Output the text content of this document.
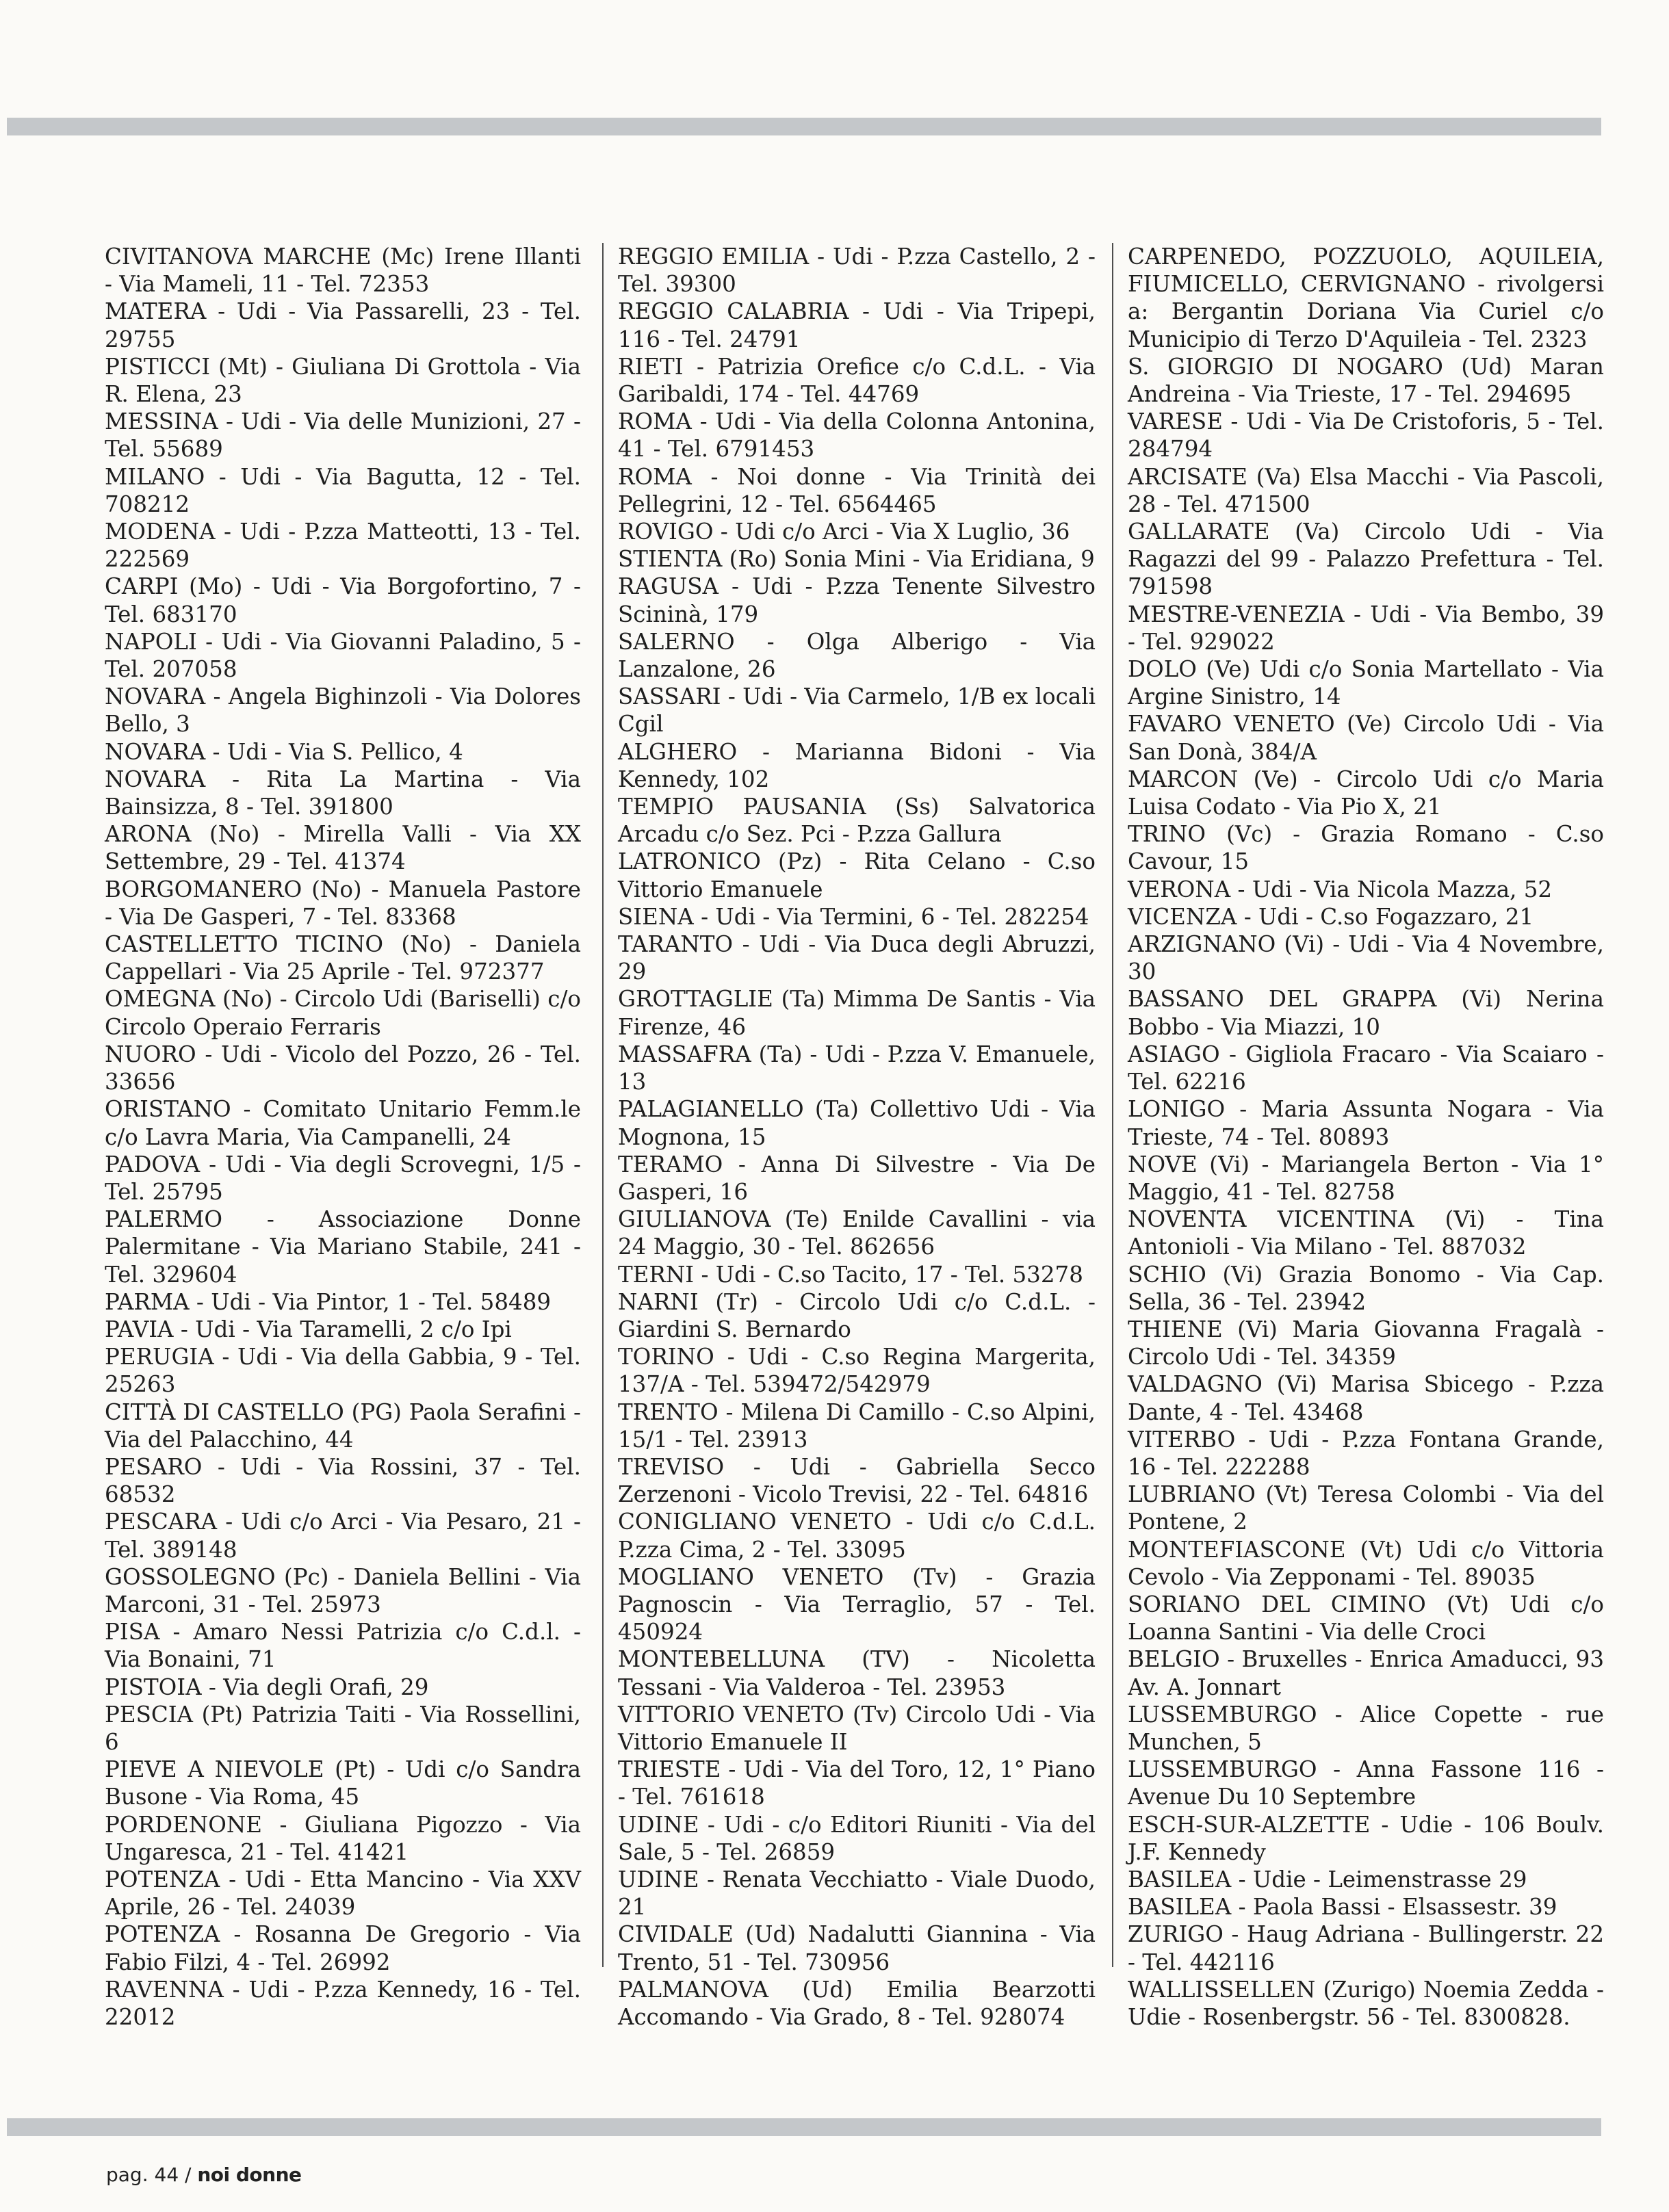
CIVITANOVA MARCHE (Mc) Irene Illanti - Via Mameli, 11 - Tel. 72353

MATERA - Udi - Via Passarelli, 23 - Tel. 29755

PISTICCI (Mt) - Giuliana Di Grottola - Via R. Elena, 23

MESSINA - Udi - Via delle Munizioni, 27 - Tel. 55689

MILANO - Udi - Via Bagutta, 12 - Tel. 708212

MODENA - Udi - P.zza Matteotti, 13 - Tel. 222569

CARPI (Mo) - Udi - Via Borgofortino, 7 - Tel. 683170

NAPOLI - Udi - Via Giovanni Paladino, 5 - Tel. 207058

NOVARA - Angela Bighinzoli - Via Dolores Bello, 3

NOVARA - Udi - Via S. Pellico, 4

NOVARA - Rita La Martina - Via Bainsizza, 8 - Tel. 391800

ARONA (No) - Mirella Valli - Via XX Settembre, 29 - Tel. 41374

BORGOMANERO (No) - Manuela Pastore - Via De Gasperi, 7 - Tel. 83368

CASTELLETTO TICINO (No) - Daniela Cappellari - Via 25 Aprile - Tel. 972377

OMEGNA (No) - Circolo Udi (Bariselli) c/o Circolo Operaio Ferraris

NUORO - Udi - Vicolo del Pozzo, 26 - Tel. 33656

ORISTANO - Comitato Unitario Femm.le c/o Lavra Maria, Via Campanelli, 24

PADOVA - Udi - Via degli Scrovegni, 1/5 - Tel. 25795

PALERMO - Associazione Donne Palermitane - Via Mariano Stabile, 241 - Tel. 329604

PARMA - Udi - Via Pintor, 1 - Tel. 58489

PAVIA - Udi - Via Taramelli, 2 c/o Ipi

PERUGIA - Udi - Via della Gabbia, 9 - Tel. 25263

CITTÀ DI CASTELLO (PG) Paola Serafini - Via del Palacchino, 44

PESARO - Udi - Via Rossini, 37 - Tel. 68532

PESCARA - Udi c/o Arci - Via Pesaro, 21 - Tel. 389148

GOSSOLEGNO (Pc) - Daniela Bellini - Via Marconi, 31 - Tel. 25973

PISA - Amaro Nessi Patrizia c/o C.d.l. - Via Bonaini, 71

PISTOIA - Via degli Orafi, 29

PESCIA (Pt) Patrizia Taiti - Via Rossellini, 6

PIEVE A NIEVOLE (Pt) - Udi c/o Sandra Busone - Via Roma, 45

PORDENONE - Giuliana Pigozzo - Via Ungaresca, 21 - Tel. 41421

POTENZA - Udi - Etta Mancino - Via XXV Aprile, 26 - Tel. 24039

POTENZA - Rosanna De Gregorio - Via Fabio Filzi, 4 - Tel. 26992

RAVENNA - Udi - P.zza Kennedy, 16 - Tel. 22012

REGGIO EMILIA - Udi - P.zza Castello, 2 - Tel. 39300

REGGIO CALABRIA - Udi - Via Tripepi, 116 - Tel. 24791

RIETI - Patrizia Orefice c/o C.d.L. - Via Garibaldi, 174 - Tel. 44769

ROMA - Udi - Via della Colonna Antonina, 41 - Tel. 6791453

ROMA - Noi donne - Via Trinità dei Pellegrini, 12 - Tel. 6564465

ROVIGO - Udi c/o Arci - Via X Luglio, 36

STIENTA (Ro) Sonia Mini - Via Eridiana, 9

RAGUSA - Udi - P.zza Tenente Silvestro Scininà, 179

SALERNO - Olga Alberigo - Via Lanzalone, 26

SASSARI - Udi - Via Carmelo, 1/B ex locali Cgil

ALGHERO - Marianna Bidoni - Via Kennedy, 102

TEMPIO PAUSANIA (Ss) Salvatorica Arcadu c/o Sez. Pci - P.zza Gallura

LATRONICO (Pz) - Rita Celano - C.so Vittorio Emanuele

SIENA - Udi - Via Termini, 6 - Tel. 282254

TARANTO - Udi - Via Duca degli Abruzzi, 29

GROTTAGLIE (Ta) Mimma De Santis - Via Firenze, 46

MASSAFRA (Ta) - Udi - P.zza V. Emanuele, 13

PALAGIANELLO (Ta) Collettivo Udi - Via Mognona, 15

TERAMO - Anna Di Silvestre - Via De Gasperi, 16

GIULIANOVA (Te) Enilde Cavallini - via 24 Maggio, 30 - Tel. 862656

TERNI - Udi - C.so Tacito, 17 - Tel. 53278

NARNI (Tr) - Circolo Udi c/o C.d.L. - Giardini S. Bernardo

TORINO - Udi - C.so Regina Margerita, 137/A - Tel. 539472/542979

TRENTO - Milena Di Camillo - C.so Alpini, 15/1 - Tel. 23913

TREVISO - Udi - Gabriella Secco Zerzenoni - Vicolo Trevisi, 22 - Tel. 64816

CONIGLIANO VENETO - Udi c/o C.d.L. P.zza Cima, 2 - Tel. 33095

MOGLIANO VENETO (Tv) - Grazia Pagnoscin - Via Terraglio, 57 - Tel. 450924

MONTEBELLUNA (TV) - Nicoletta Tessani - Via Valderoa - Tel. 23953

VITTORIO VENETO (Tv) Circolo Udi - Via Vittorio Emanuele II

TRIESTE - Udi - Via del Toro, 12, 1° Piano - Tel. 761618

UDINE - Udi - c/o Editori Riuniti - Via del Sale, 5 - Tel. 26859

UDINE - Renata Vecchiatto - Viale Duodo, 21

CIVIDALE (Ud) Nadalutti Giannina - Via Trento, 51 - Tel. 730956

PALMANOVA (Ud) Emilia Bearzotti Accomando - Via Grado, 8 - Tel. 928074

CARPENEDO, POZZUOLO, AQUILEIA, FIUMICELLO, CERVIGNANO - rivolgersi a: Bergantin Doriana Via Curiel c/o Municipio di Terzo D'Aquileia - Tel. 2323

S. GIORGIO DI NOGARO (Ud) Maran Andreina - Via Trieste, 17 - Tel. 294695

VARESE - Udi - Via De Cristoforis, 5 - Tel. 284794

ARCISATE (Va) Elsa Macchi - Via Pascoli, 28 - Tel. 471500

GALLARATE (Va) Circolo Udi - Via Ragazzi del 99 - Palazzo Prefettura - Tel. 791598

MESTRE-VENEZIA - Udi - Via Bembo, 39 - Tel. 929022

DOLO (Ve) Udi c/o Sonia Martellato - Via Argine Sinistro, 14

FAVARO VENETO (Ve) Circolo Udi - Via San Donà, 384/A

MARCON (Ve) - Circolo Udi c/o Maria Luisa Codato - Via Pio X, 21

TRINO (Vc) - Grazia Romano - C.so Cavour, 15

VERONA - Udi - Via Nicola Mazza, 52

VICENZA - Udi - C.so Fogazzaro, 21

ARZIGNANO (Vi) - Udi - Via 4 Novembre, 30

BASSANO DEL GRAPPA (Vi) Nerina Bobbo - Via Miazzi, 10

ASIAGO - Gigliola Fracaro - Via Scaiaro - Tel. 62216

LONIGO - Maria Assunta Nogara - Via Trieste, 74 - Tel. 80893

NOVE (Vi) - Mariangela Berton - Via 1° Maggio, 41 - Tel. 82758

NOVENTA VICENTINA (Vi) - Tina Antonioli - Via Milano - Tel. 887032

SCHIO (Vi) Grazia Bonomo - Via Cap. Sella, 36 - Tel. 23942

THIENE (Vi) Maria Giovanna Fragalà - Circolo Udi - Tel. 34359

VALDAGNO (Vi) Marisa Sbicego - P.zza Dante, 4 - Tel. 43468

VITERBO - Udi - P.zza Fontana Grande, 16 - Tel. 222288

LUBRIANO (Vt) Teresa Colombi - Via del Pontene, 2

MONTEFIASCONE (Vt) Udi c/o Vittoria Cevolo - Via Zepponami - Tel. 89035

SORIANO DEL CIMINO (Vt) Udi c/o Loanna Santini - Via delle Croci

BELGIO - Bruxelles - Enrica Amaducci, 93 Av. A. Jonnart

LUSSEMBURGO - Alice Copette - rue Munchen, 5

LUSSEMBURGO - Anna Fassone 116 - Avenue Du 10 Septembre

ESCH-SUR-ALZETTE - Udie - 106 Boulv. J.F. Kennedy

BASILEA - Udie - Leimenstrasse 29

BASILEA - Paola Bassi - Elsassestr. 39

ZURIGO - Haug Adriana - Bullingerstr. 22 - Tel. 442116

WALLISSELLEN (Zurigo) Noemia Zedda - Udie - Rosenbergstr. 56 - Tel. 8300828.

pag. 44 / noi donne
